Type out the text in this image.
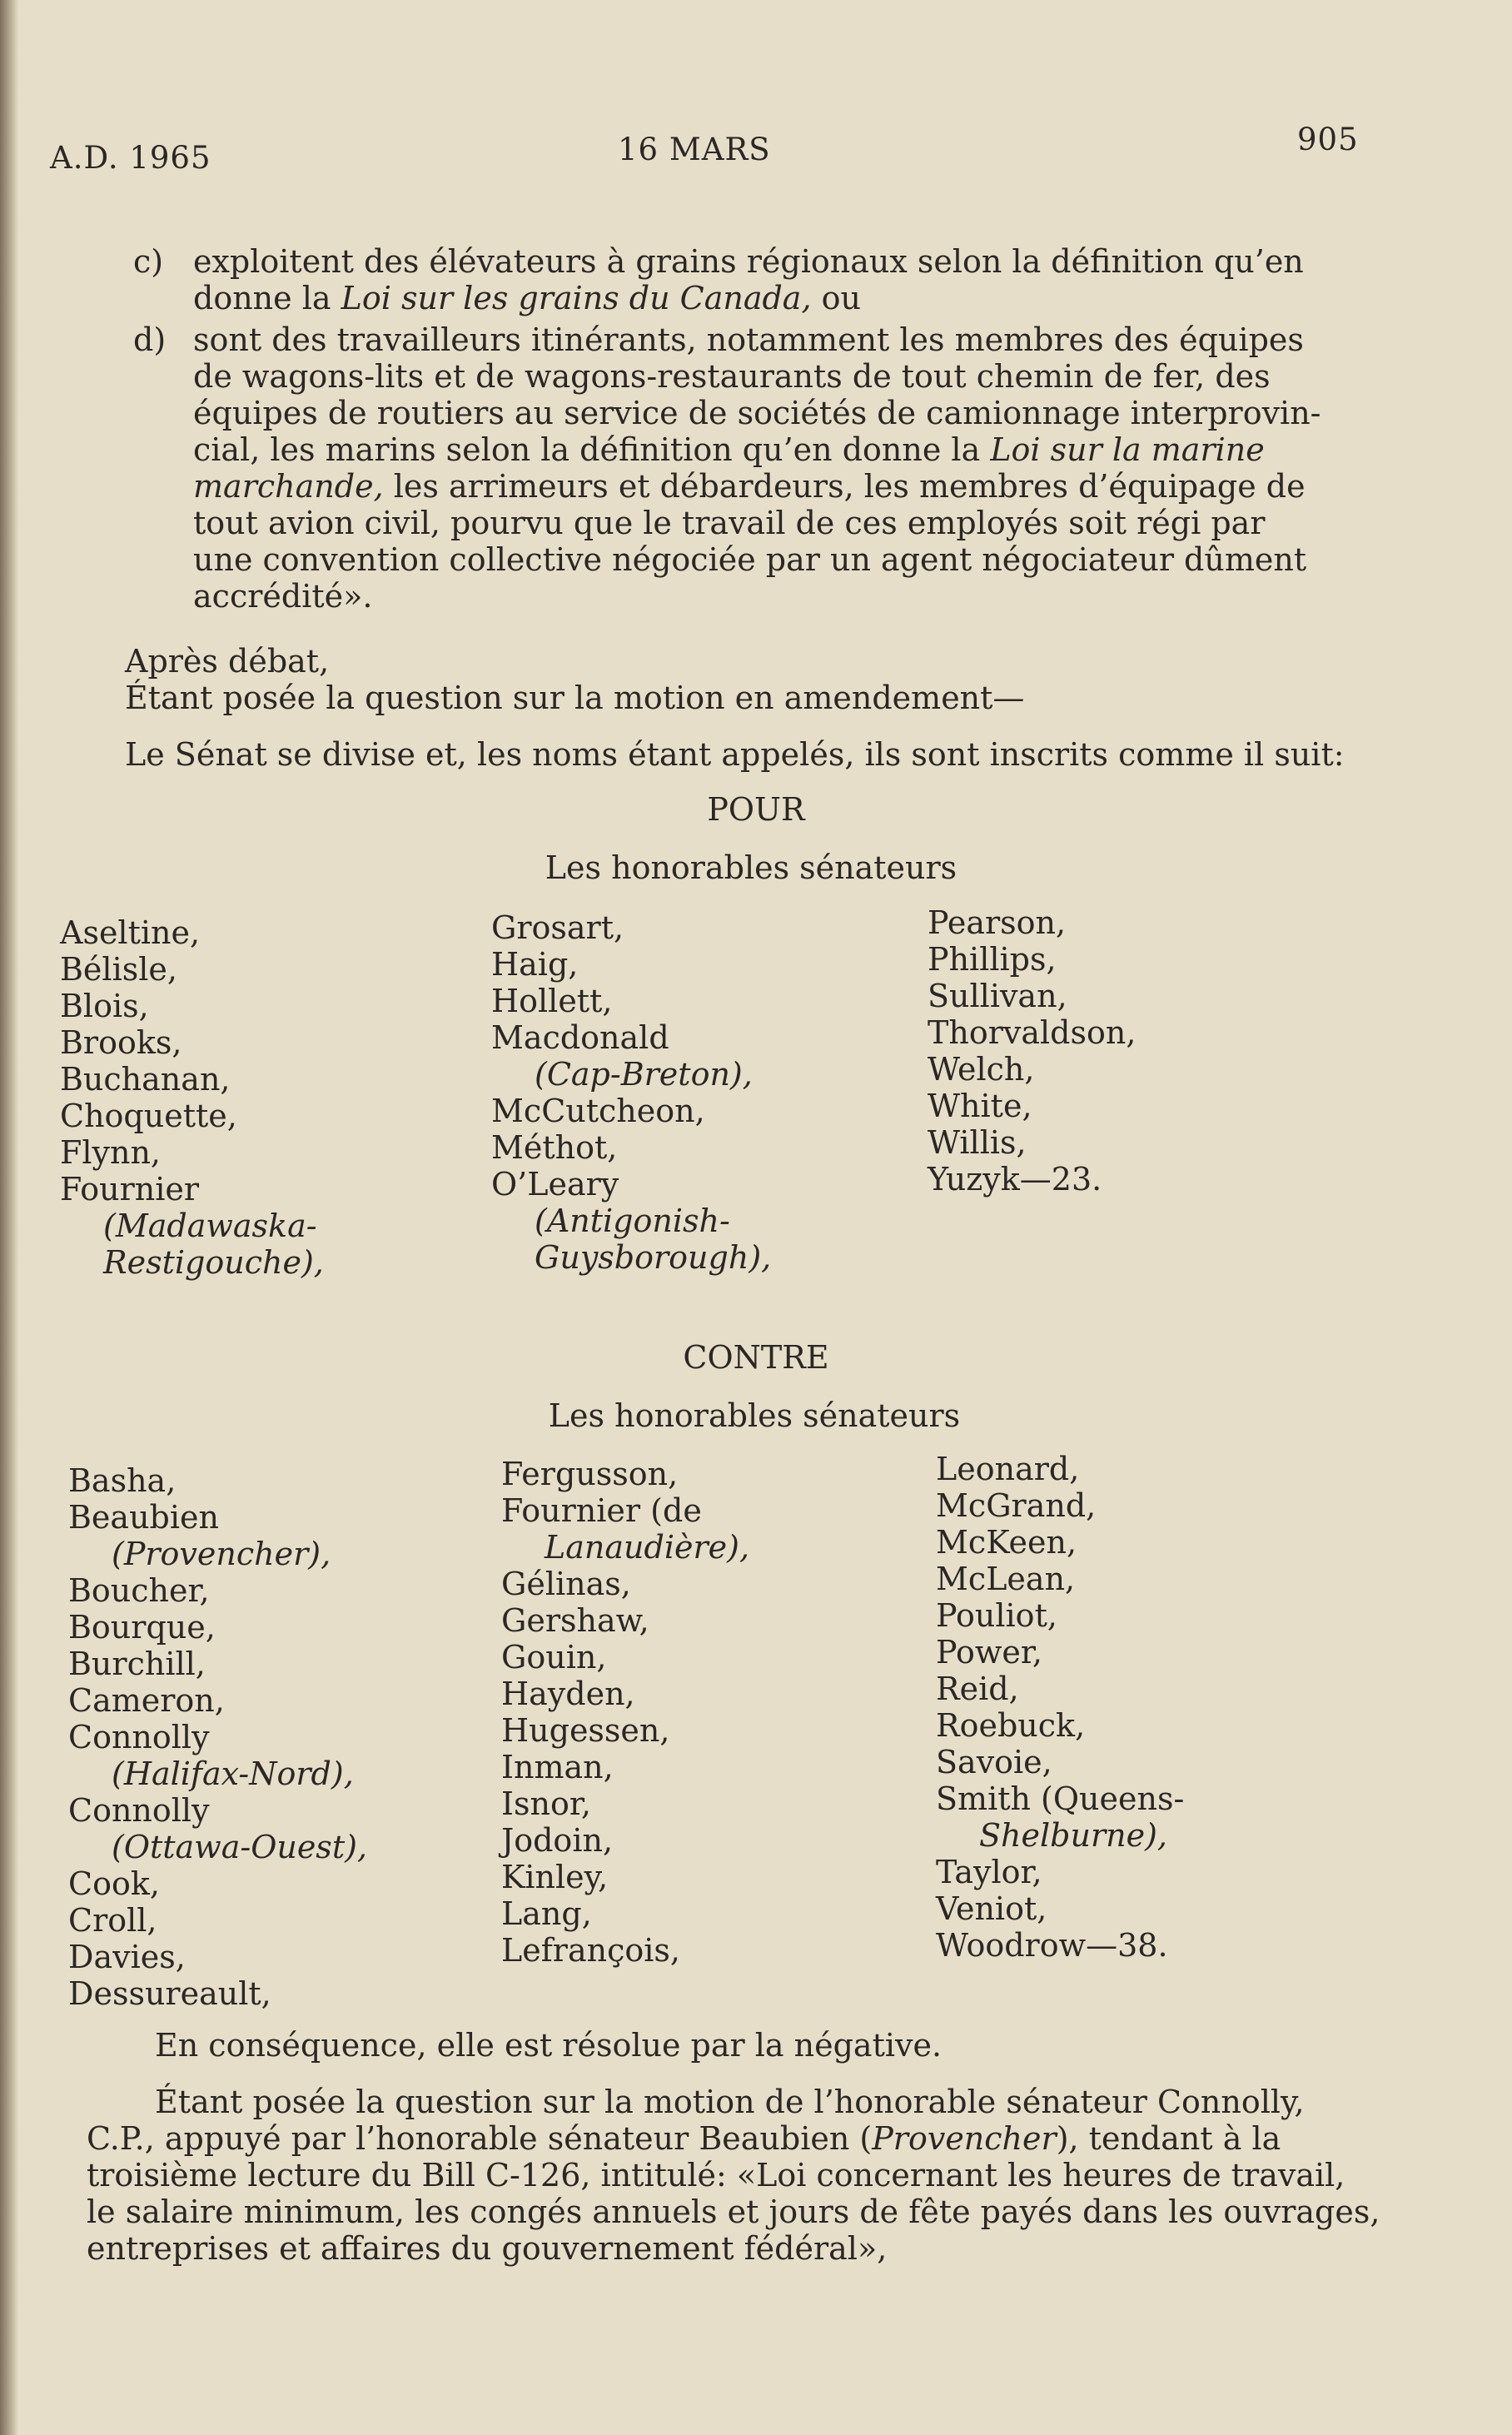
A.D. 1965	16 MARS	905
c) exploitent des élévateurs à grains régionaux selon la définition qu’en
donne la Loi sur les grains du Canada, ou
d) sont des travailleurs itinérants, notamment les membres des équipes
de wagons-lits et de wagons-restaurants de tout chemin de fer, des
équipes de routiers au service de sociétés de camionnage interprovin-
cial, les marins selon la définition qu’en donne la Loi sur la marine
marchande, les arrimeurs et débardeurs, les membres d’équipage de
tout avion civil, pourvu que le travail de ces employés soit régi par
une convention collective négociée par un agent négociateur dûment
accrédité».
Après débat,
Étant posée la question sur la motion en amendement—
Le Sénat se divise et, les noms étant appelés, ils sont inscrits comme il suit:
POUR
Les honorables sénateurs
Aseltine,
Bélisle,
Blois,
Brooks,
Buchanan,
Choquette,
Flynn,
Fournier
(Madawaska-
Restigouche),
Grosart,
Haig,
Hollett,
Macdonald
(Cap-Breton),
McCutcheon,
Méthot,
O’Leary
(Antigonish-
Guysborough),
Pearson,
Phillips,
Sullivan,
Thorvaldson,
Welch,
White,
Willis,
Yuzyk—23.
CONTRE
Les honorables sénateurs
Basha,
Beaubien
(Provencher),
Boucher,
Bourque,
Burchill,
Cameron,
Connolly
(Halifax-Nord),
Connolly
(Ottawa-Ouest),
Cook,
Croll,
Davies,
Dessureault,
Fergusson,
Fournier (de
Lanaudière),
Gélinas,
Gershaw,
Gouin,
Hayden,
Hugessen,
Inman,
Isnor,
Jodoin,
Kinley,
Lang,
Lefrançois,
Leonard,
McGrand,
McKeen,
McLean,
Pouliot,
Power,
Reid,
Roebuck,
Savoie,
Smith (Queens-
Shelburne),
Taylor,
Veniot,
Woodrow—38.
En conséquence, elle est résolue par la négative.
Étant posée la question sur la motion de l’honorable sénateur Connolly,
C.P., appuyé par l’honorable sénateur Beaubien (Provencher), tendant à la
troisième lecture du Bill C-126, intitulé: «Loi concernant les heures de travail,
le salaire minimum, les congés annuels et jours de fête payés dans les ouvrages,
entreprises et affaires du gouvernement fédéral»,
